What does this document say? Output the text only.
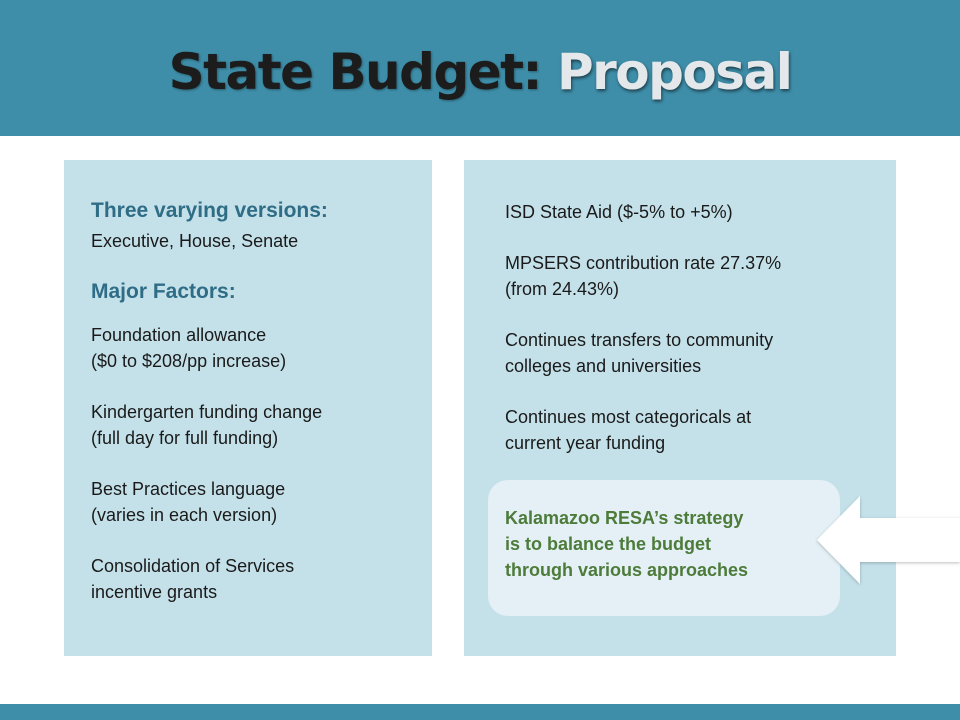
State Budget: Proposal
Three varying versions:
Executive, House, Senate
Major Factors:

Foundation allowance
($0 to $208/pp increase)

Kindergarten funding change
(full day for full funding)

Best Practices language
(varies in each version)

Consolidation of Services
incentive grants

ISD State Aid ($-5% to +5%)

MPSERS contribution rate 27.37%
(from 24.43%)

Continues transfers to community
colleges and universities

Continues most categoricals at
current year funding

Kalamazoo RESA’s strategy
is to balance the budget
through various approaches
